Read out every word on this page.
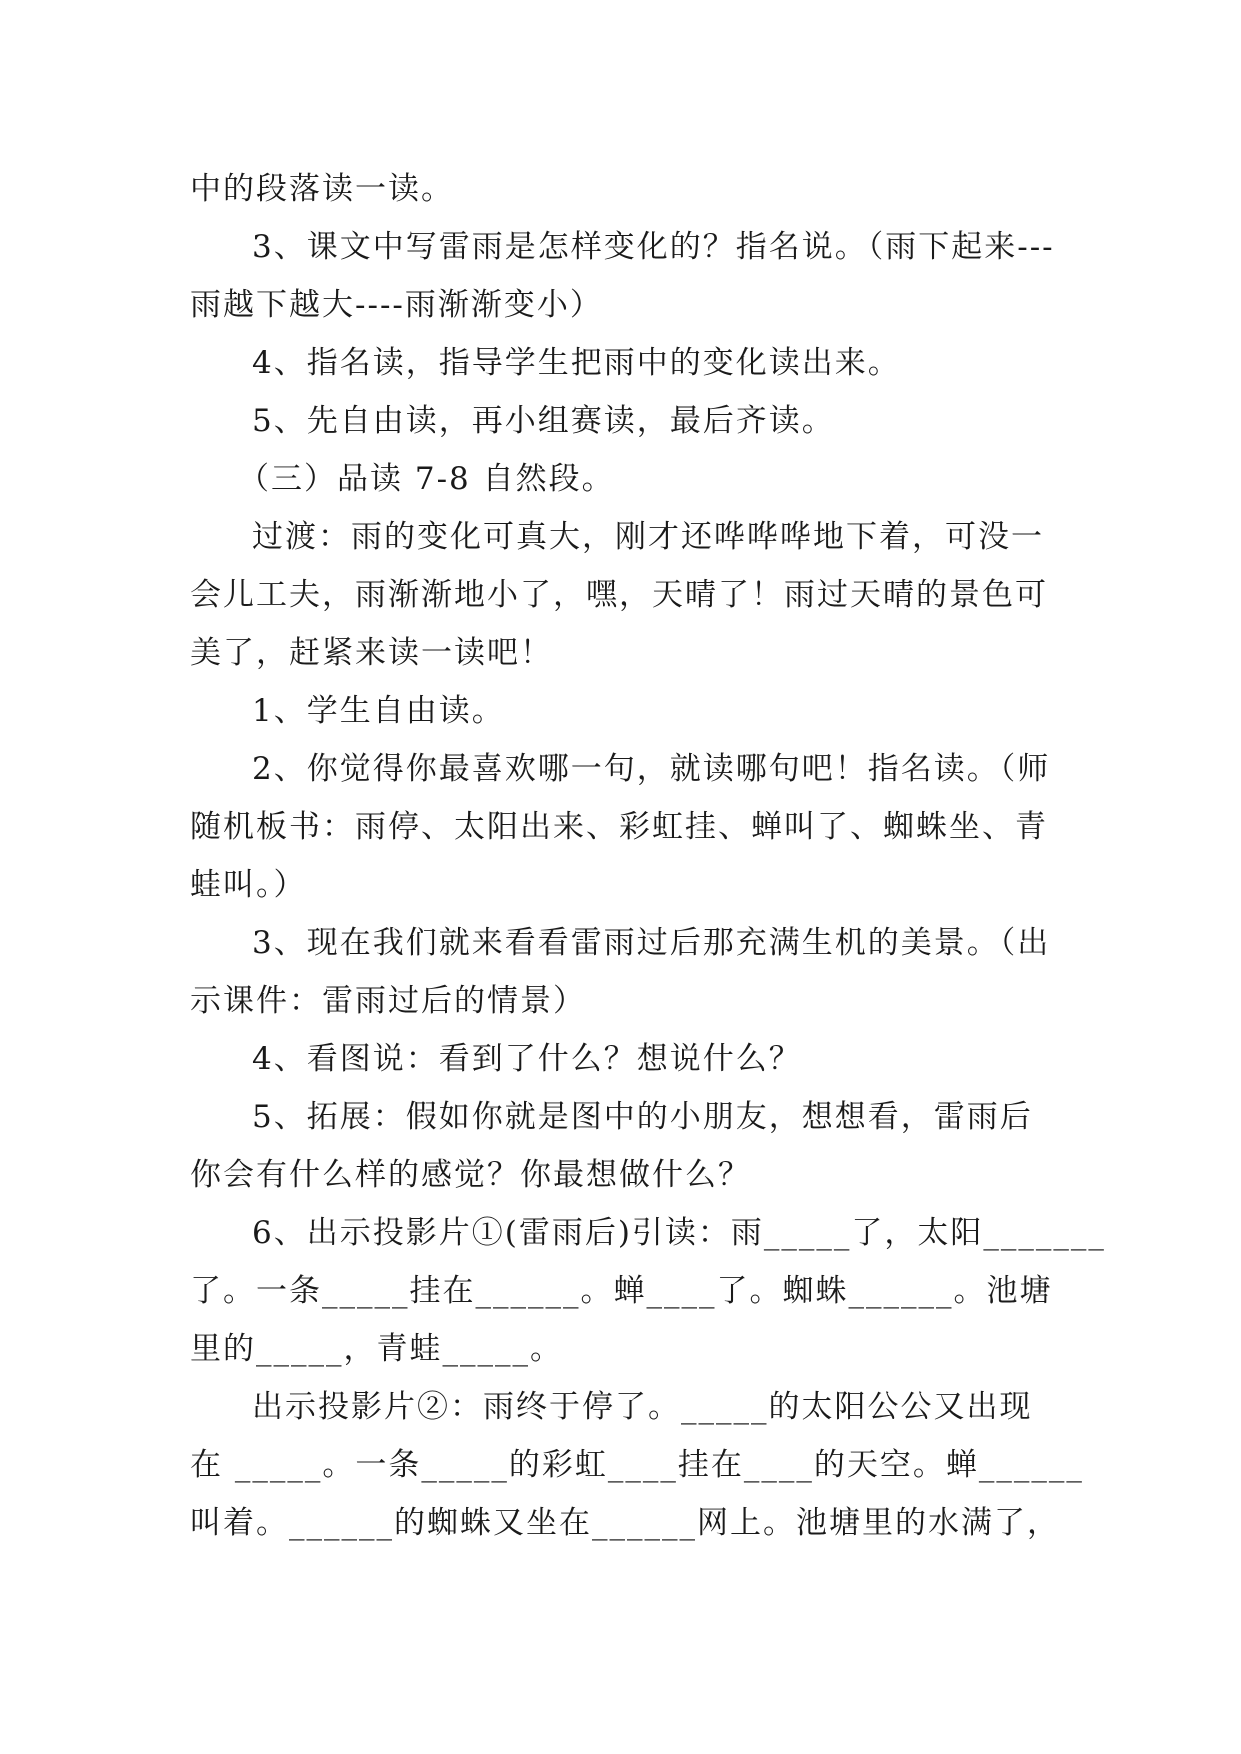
中的段落读一读。
3、课文中写雷雨是怎样变化的？指名说。（雨下起来---
雨越下越大----雨渐渐变小）
4、指名读，指导学生把雨中的变化读出来。
5、先自由读，再小组赛读，最后齐读。
（三）品读 7-8 自然段。
过渡：雨的变化可真大，刚才还哗哗哗地下着，可没一
会儿工夫，雨渐渐地小了，嘿，天晴了！雨过天晴的景色可
美了，赶紧来读一读吧！
1、学生自由读。
2、你觉得你最喜欢哪一句，就读哪句吧！指名读。（师
随机板书：雨停、太阳出来、彩虹挂、蝉叫了、蜘蛛坐、青
蛙叫。）
3、现在我们就来看看雷雨过后那充满生机的美景。（出
示课件：雷雨过后的情景）
4、看图说：看到了什么？想说什么？
5、拓展：假如你就是图中的小朋友，想想看，雷雨后
你会有什么样的感觉？你最想做什么？
6、出示投影片①(雷雨后)引读：雨_____了，太阳_______
了。一条_____挂在______。蝉____了。蜘蛛______。池塘
里的_____，青蛙_____。
出示投影片②：雨终于停了。_____的太阳公公又出现
在 _____。一条_____的彩虹____挂在____的天空。蝉______
叫着。______的蜘蛛又坐在______网上。池塘里的水满了，
